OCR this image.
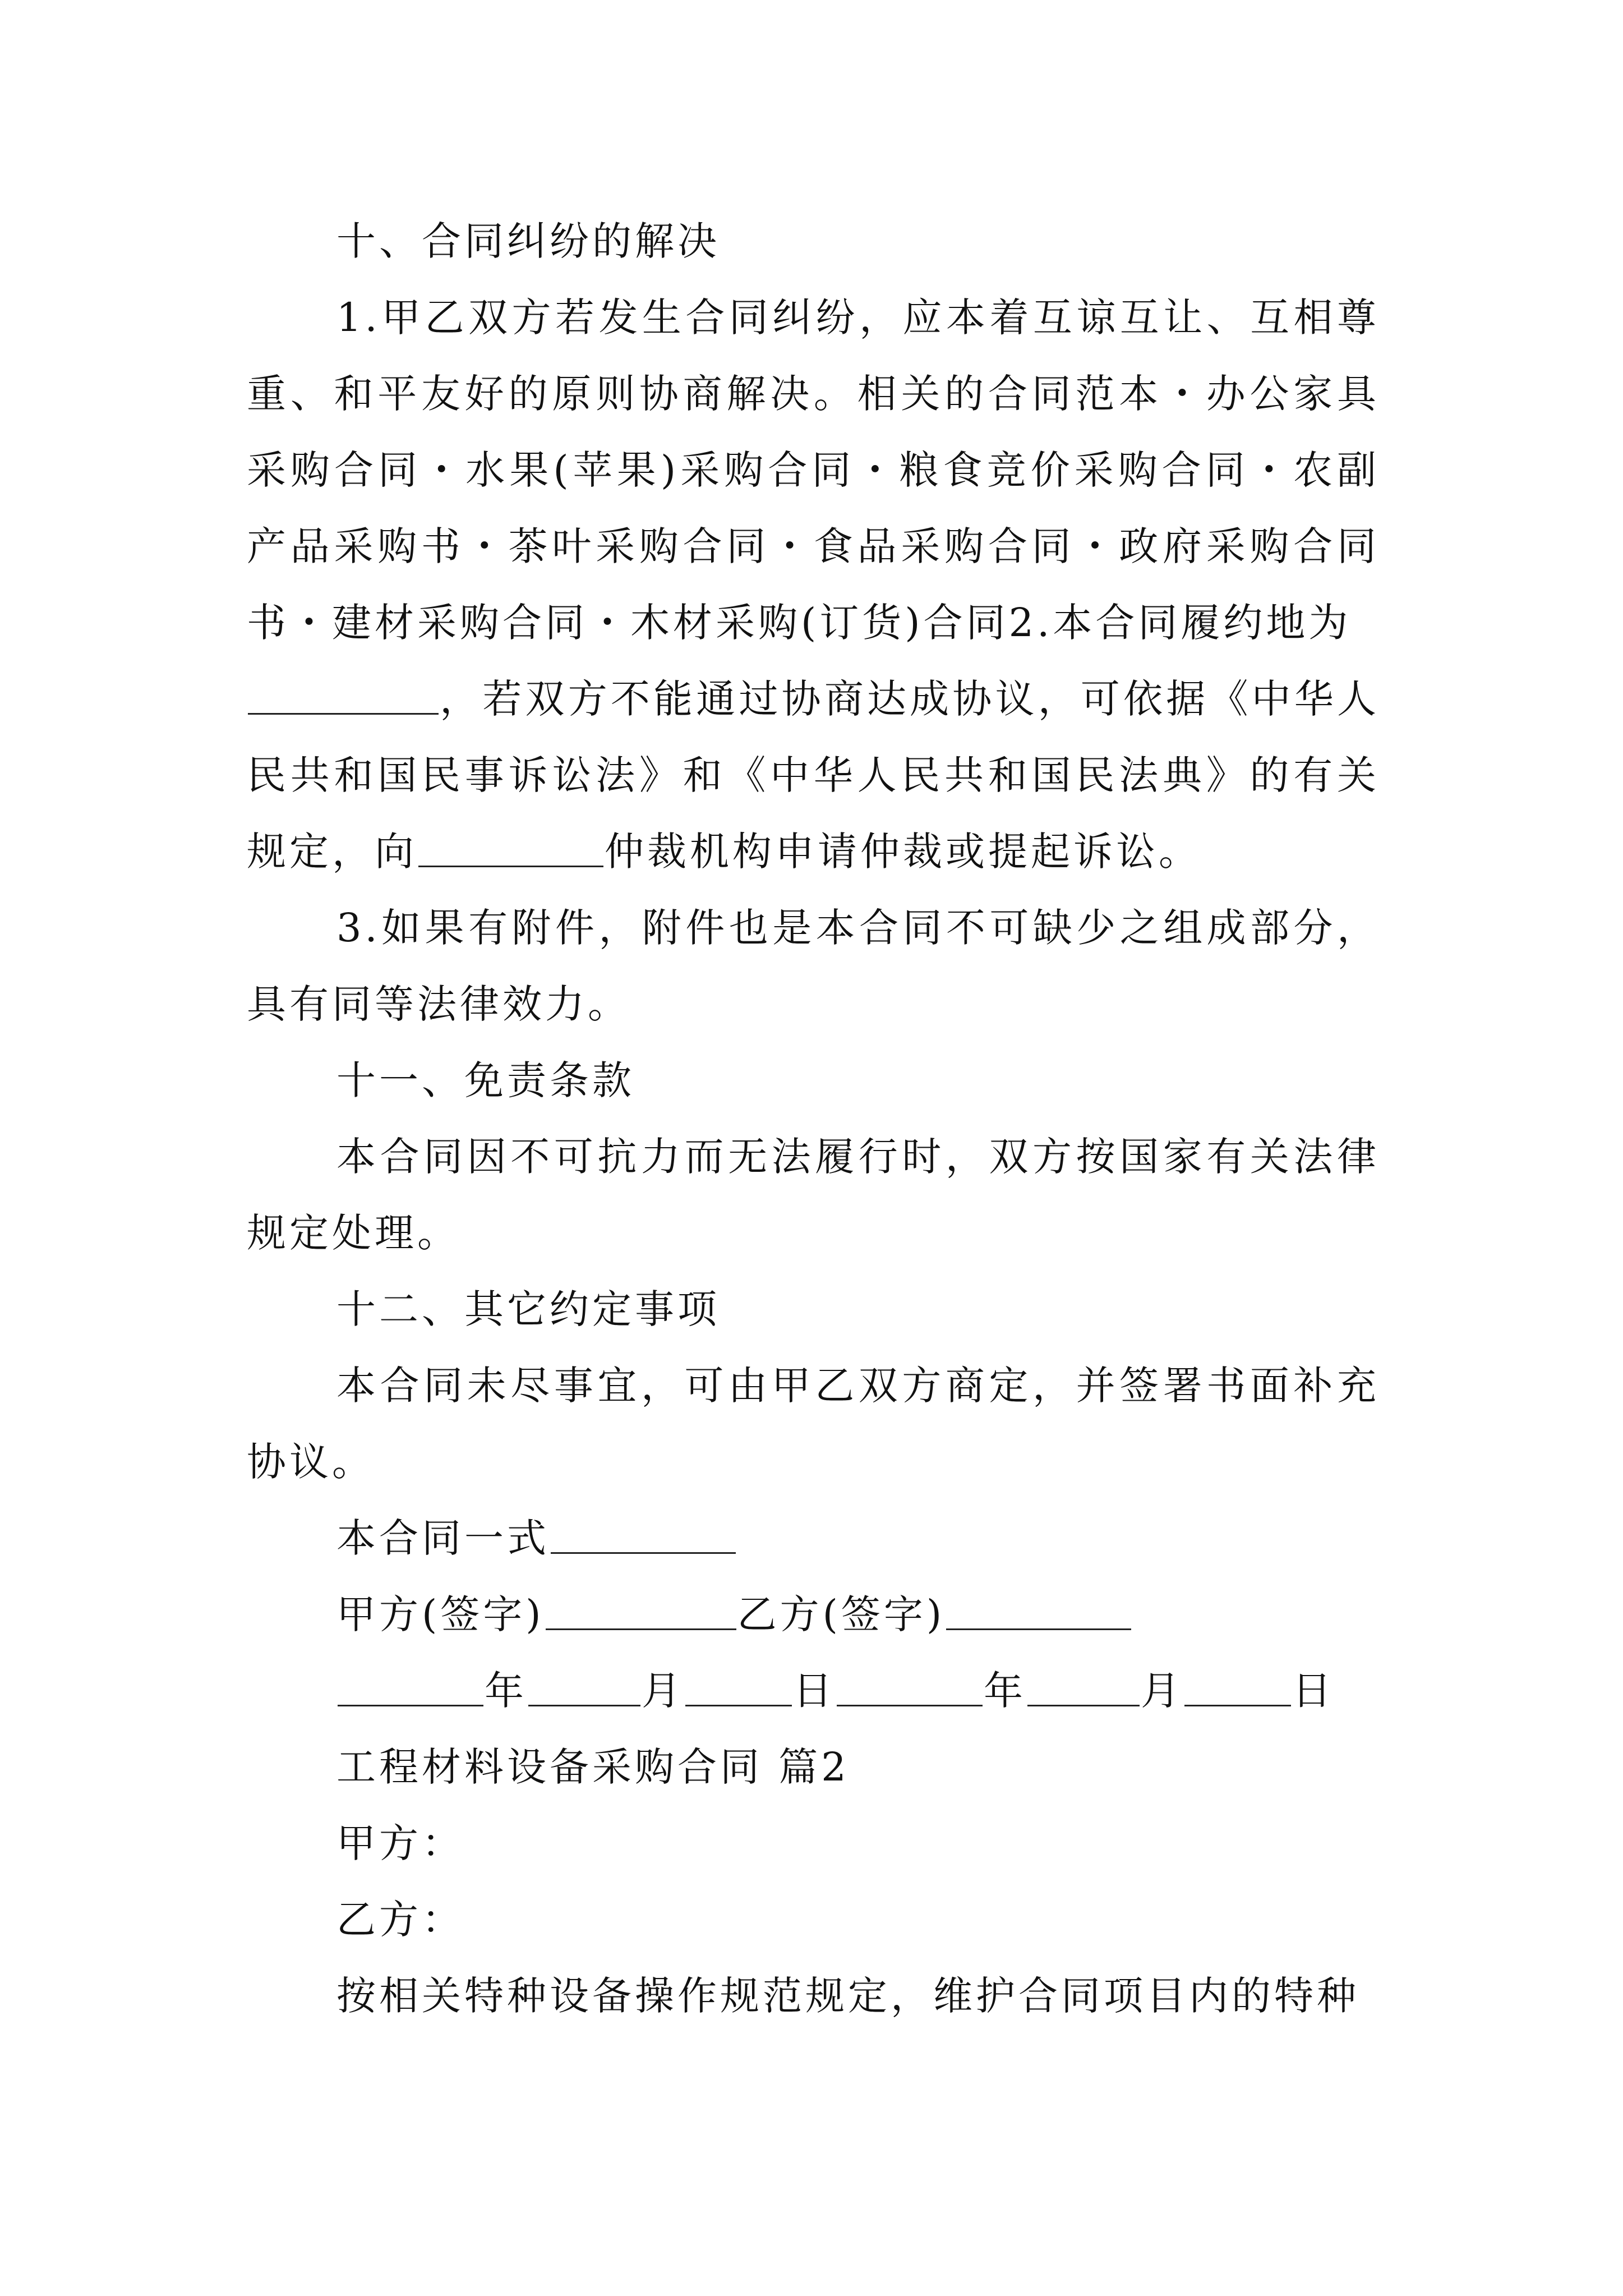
十、合同纠纷的解决

1.甲乙双方若发生合同纠纷，应本着互谅互让、互相尊重、和平友好的原则协商解决。相关的合同范本・办公家具采购合同・水果(苹果)采购合同・粮食竞价采购合同・农副产品采购书・茶叶采购合同・食品采购合同・政府采购合同书・建材采购合同・木材采购(订货)合同2.本合同履约地为
，若双方不能通过协商达成协议，可依据《中华人民共和国民事诉讼法》和《中华人民共和国民法典》的有关规定，向	仲裁机构申请仲裁或提起诉讼。

3.如果有附件，附件也是本合同不可缺少之组成部分，具有同等法律效力。

十一、免责条款

本合同因不可抗力而无法履行时，双方按国家有关法律规定处理。

十二、其它约定事项

本合同未尽事宜，可由甲乙双方商定，并签署书面补充协议。

本合同一式

甲方(签字)	乙方(签字)

年	月	日	年	月	日

工程材料设备采购合同 篇2

甲方：

乙方：

按相关特种设备操作规范规定，维护合同项目内的特种
